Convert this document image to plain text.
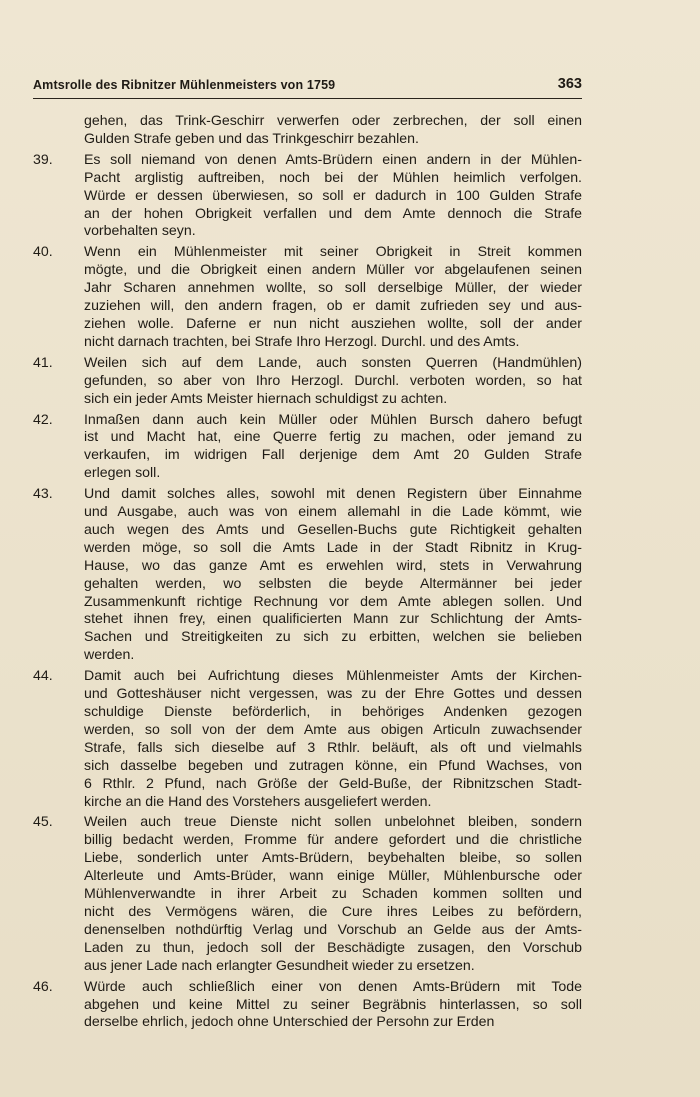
Amtsrolle des Ribnitzer Mühlenmeisters von 1759	363
gehen, das Trink-Geschirr verwerfen oder zerbrechen, der soll einen
Gulden Strafe geben und das Trinkgeschirr bezahlen.
39.	Es soll niemand von denen Amts-Brüdern einen andern in der Mühlen-
Pacht arglistig auftreiben, noch bei der Mühlen heimlich verfolgen.
Würde er dessen überwiesen, so soll er dadurch in 100 Gulden Strafe
an der hohen Obrigkeit verfallen und dem Amte dennoch die Strafe
vorbehalten seyn.
40.	Wenn ein Mühlenmeister mit seiner Obrigkeit in Streit kommen
mögte, und die Obrigkeit einen andern Müller vor abgelaufenen seinen
Jahr Scharen annehmen wollte, so soll derselbige Müller, der wieder
zuziehen will, den andern fragen, ob er damit zufrieden sey und aus-
ziehen wolle. Daferne er nun nicht ausziehen wollte, soll der ander
nicht darnach trachten, bei Strafe Ihro Herzogl. Durchl. und des Amts.
41.	Weilen sich auf dem Lande, auch sonsten Querren (Handmühlen)
gefunden, so aber von Ihro Herzogl. Durchl. verboten worden, so hat
sich ein jeder Amts Meister hiernach schuldigst zu achten.
42.	Inmaßen dann auch kein Müller oder Mühlen Bursch dahero befugt
ist und Macht hat, eine Querre fertig zu machen, oder jemand zu
verkaufen, im widrigen Fall derjenige dem Amt 20 Gulden Strafe
erlegen soll.
43.	Und damit solches alles, sowohl mit denen Registern über Einnahme
und Ausgabe, auch was von einem allemahl in die Lade kömmt, wie
auch wegen des Amts und Gesellen-Buchs gute Richtigkeit gehalten
werden möge, so soll die Amts Lade in der Stadt Ribnitz in Krug-
Hause, wo das ganze Amt es erwehlen wird, stets in Verwahrung
gehalten werden, wo selbsten die beyde Altermänner bei jeder
Zusammenkunft richtige Rechnung vor dem Amte ablegen sollen. Und
stehet ihnen frey, einen qualificierten Mann zur Schlichtung der Amts-
Sachen und Streitigkeiten zu sich zu erbitten, welchen sie belieben
werden.
44.	Damit auch bei Aufrichtung dieses Mühlenmeister Amts der Kirchen-
und Gotteshäuser nicht vergessen, was zu der Ehre Gottes und dessen
schuldige Dienste beförderlich, in behöriges Andenken gezogen
werden, so soll von der dem Amte aus obigen Articuln zuwachsender
Strafe, falls sich dieselbe auf 3 Rthlr. beläuft, als oft und vielmahls
sich dasselbe begeben und zutragen könne, ein Pfund Wachses, von
6 Rthlr. 2 Pfund, nach Größe der Geld-Buße, der Ribnitzschen Stadt-
kirche an die Hand des Vorstehers ausgeliefert werden.
45.	Weilen auch treue Dienste nicht sollen unbelohnet bleiben, sondern
billig bedacht werden, Fromme für andere gefordert und die christliche
Liebe, sonderlich unter Amts-Brüdern, beybehalten bleibe, so sollen
Alterleute und Amts-Brüder, wann einige Müller, Mühlenbursche oder
Mühlenverwandte in ihrer Arbeit zu Schaden kommen sollten und
nicht des Vermögens wären, die Cure ihres Leibes zu befördern,
denenselben nothdürftig Verlag und Vorschub an Gelde aus der Amts-
Laden zu thun, jedoch soll der Beschädigte zusagen, den Vorschub
aus jener Lade nach erlangter Gesundheit wieder zu ersetzen.
46.	Würde auch schließlich einer von denen Amts-Brüdern mit Tode
abgehen und keine Mittel zu seiner Begräbnis hinterlassen, so soll
derselbe ehrlich, jedoch ohne Unterschied der Persohn zur Erden
